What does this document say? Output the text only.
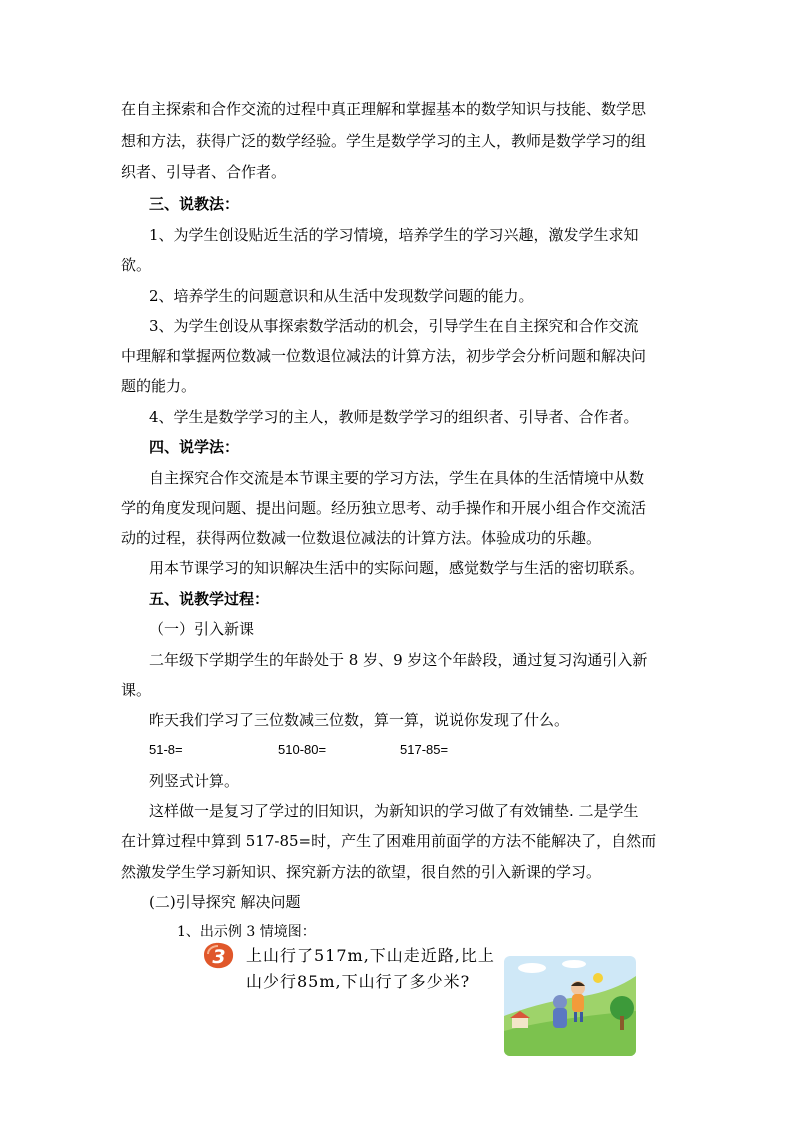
在自主探索和合作交流的过程中真正理解和掌握基本的数学知识与技能、数学思
想和方法，获得广泛的数学经验。学生是数学学习的主人，教师是数学学习的组
织者、引导者、合作者。
三、说教法：
1、为学生创设贴近生活的学习情境，培养学生的学习兴趣，激发学生求知
欲。
2、培养学生的问题意识和从生活中发现数学问题的能力。
3、为学生创设从事探索数学活动的机会，引导学生在自主探究和合作交流
中理解和掌握两位数减一位数退位减法的计算方法，初步学会分析问题和解决问
题的能力。
4、学生是数学学习的主人，教师是数学学习的组织者、引导者、合作者。
四、说学法：
自主探究合作交流是本节课主要的学习方法，学生在具体的生活情境中从数
学的角度发现问题、提出问题。经历独立思考、动手操作和开展小组合作交流活
动的过程，获得两位数减一位数退位减法的计算方法。体验成功的乐趣。
用本节课学习的知识解决生活中的实际问题，感觉数学与生活的密切联系。
五、说教学过程：
（一）引入新课
二年级下学期学生的年龄处于 8 岁、9 岁这个年龄段，通过复习沟通引入新
课。
昨天我们学习了三位数减三位数，算一算，说说你发现了什么。
51-8=	510-80=	517-85=
列竖式计算。
这样做一是复习了学过的旧知识，为新知识的学习做了有效铺垫. 二是学生
在计算过程中算到 517-85=时，产生了困难用前面学的方法不能解决了，自然而
然激发学生学习新知识、探究新方法的欲望，很自然的引入新课的学习。
(二)引导探究 解决问题
1、出示例 3 情境图：
3 上山行了517m,下山走近路,比上
山少行85m,下山行了多少米?
